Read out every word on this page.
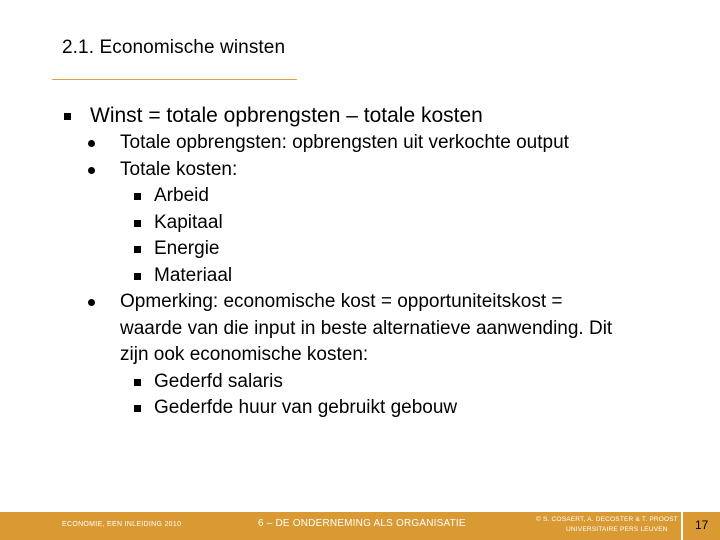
2.1. Economische winsten
Winst = totale opbrengsten – totale kosten
Totale opbrengsten: opbrengsten uit verkochte output
Totale kosten:
Arbeid
Kapitaal
Energie
Materiaal
Opmerking: economische kost = opportuniteitskost =
waarde van die input in beste alternatieve aanwending. Dit
zijn ook economische kosten:
Gederfd salaris
Gederfde huur van gebruikt gebouw
ECONOMIE, EEN INLEIDING 2010	6 – DE ONDERNEMING ALS ORGANISATIE	© S. COSAERT, A. DECOSTER & T. PROOST
UNIVERSITAIRE PERS LEUVEN	17
